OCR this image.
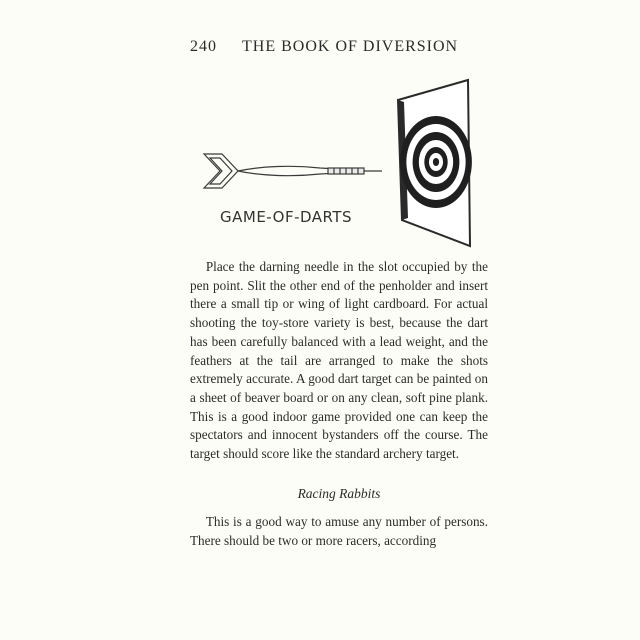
240 THE BOOK OF DIVERSION
GAME-OF-DARTS

Place the darning needle in the slot occupied by the pen point. Slit the other end of the penholder and insert there a small tip or wing of light cardboard. For actual shooting the toy-store variety is best, because the dart has been carefully balanced with a lead weight, and the feathers at the tail are arranged to make the shots extremely accurate. A good dart target can be painted on a sheet of beaver board or on any clean, soft pine plank. This is a good indoor game provided one can keep the spectators and innocent bystanders off the course. The target should score like the standard archery target.

Racing Rabbits

This is a good way to amuse any number of persons. There should be two or more racers, according
